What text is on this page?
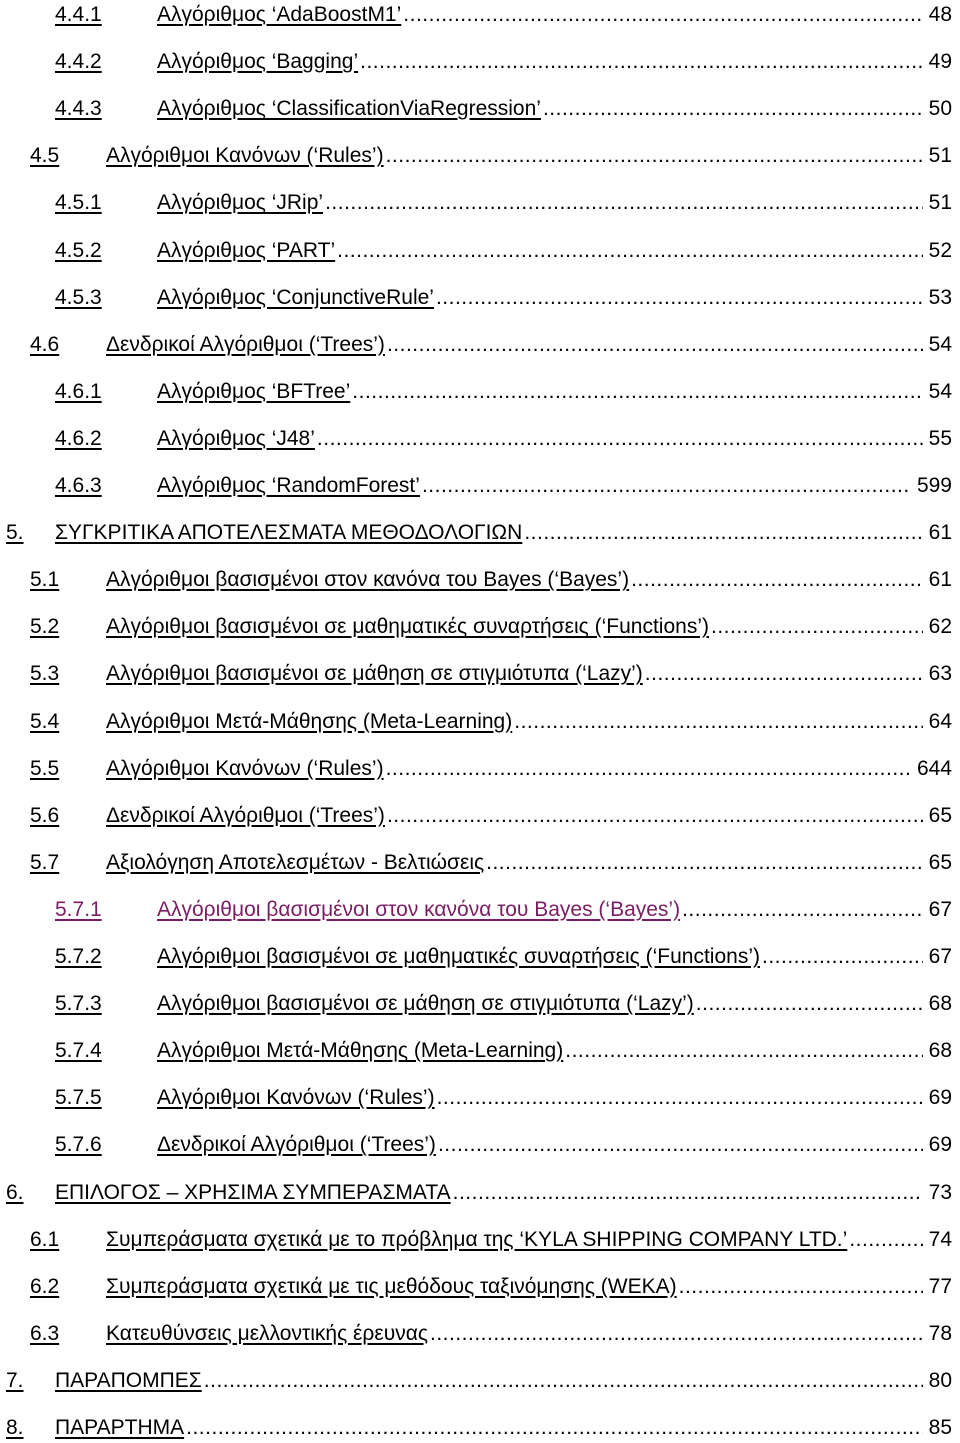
4.4.1	Αλγόριθμος ‘AdaBoostM1’ .....	48
4.4.2	Αλγόριθμος ‘Bagging’ .....	49
4.4.3	Αλγόριθμος ‘ClassificationViaRegression’ .....	50
4.5 Αλγόριθμοι Κανόνων (‘Rules’) .....	51
4.5.1	Αλγόριθμος ‘JRip’ .....	51
4.5.2	Αλγόριθμος ‘PART’ .....	52
4.5.3	Αλγόριθμος ‘ConjunctiveRule’ .....	53
4.6 Δενδρικοί Αλγόριθμοι (‘Trees’) .....	54
4.6.1	Αλγόριθμος ‘BFTree’ .....	54
4.6.2	Αλγόριθμος ‘J48’ .....	55
4.6.3	Αλγόριθμος ‘RandomForest’ .....	599
5. ΣΥΓΚΡΙΤΙΚΑ ΑΠΟΤΕΛΕΣΜΑΤΑ ΜΕΘΟΔΟΛΟΓΙΩΝ .....	61
5.1 Αλγόριθμοι βασισμένοι στον κανόνα του Bayes (‘Bayes’) .....	61
5.2 Αλγόριθμοι βασισμένοι σε μαθηματικές συναρτήσεις (‘Functions’) .....	62
5.3 Αλγόριθμοι βασισμένοι σε μάθηση σε στιγμιότυπα (‘Lazy’) .....	63
5.4 Αλγόριθμοι Μετά-Μάθησης (Meta-Learning) .....	64
5.5 Αλγόριθμοι Κανόνων (‘Rules’) .....	644
5.6 Δενδρικοί Αλγόριθμοι (‘Trees’) .....	65
5.7 Αξιολόγηση Αποτελεσμέτων - Βελτιώσεις .....	65
5.7.1	Αλγόριθμοι βασισμένοι στον κανόνα του Bayes (‘Bayes’) .....	67
5.7.2	Αλγόριθμοι βασισμένοι σε μαθηματικές συναρτήσεις (‘Functions’) .....	67
5.7.3	Αλγόριθμοι βασισμένοι σε μάθηση σε στιγμιότυπα (‘Lazy’) .....	68
5.7.4	Αλγόριθμοι Μετά-Μάθησης (Meta-Learning) .....	68
5.7.5	Αλγόριθμοι Κανόνων (‘Rules’) .....	69
5.7.6	Δενδρικοί Αλγόριθμοι (‘Trees’) .....	69
6. ΕΠΙΛΟΓΟΣ – ΧΡΗΣΙΜΑ ΣΥΜΠΕΡΑΣΜΑΤΑ .....	73
6.1 Συμπεράσματα σχετικά με το πρόβλημα της ‘KYLA SHIPPING COMPANY LTD.’ .....	74
6.2 Συμπεράσματα σχετικά με τις μεθόδους ταξινόμησης (WEKA) .....	77
6.3 Κατευθύνσεις μελλοντικής έρευνας .....	78
7. ΠΑΡΑΠΟΜΠΕΣ .....	80
8. ΠΑΡΑΡΤΗΜΑ .....	85
